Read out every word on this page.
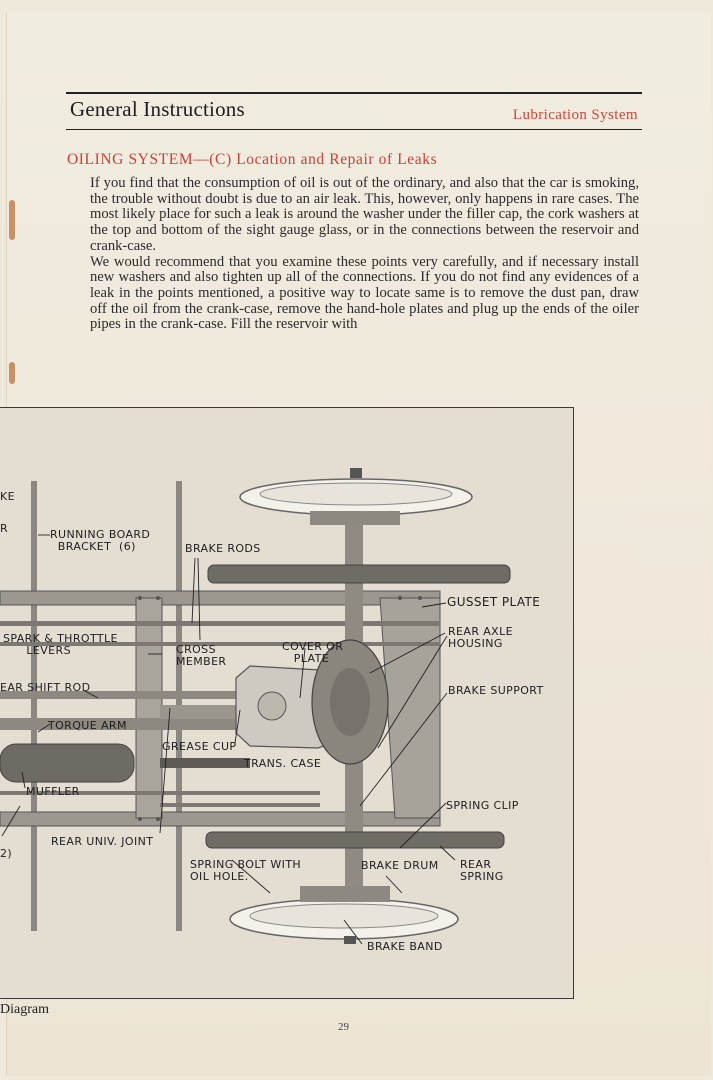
General Instructions	Lubrication System
OILING SYSTEM—(C) Location and Repair of Leaks

If you find that the consumption of oil is out of the ordinary, and also that the car is smoking, the trouble without doubt is due to an air leak. This, however, only happens in rare cases. The most likely place for such a leak is around the washer under the filler cap, the cork washers at the top and bottom of the sight gauge glass, or in the connections between the reservoir and crank-case.

We would recommend that you examine these points very carefully, and if necessary install new washers and also tighten up all of the connections. If you do not find any evidences of a leak in the points mentioned, a positive way to locate same is to remove the dust pan, draw off the oil from the crank-case, remove the hand-hole plates and plug up the ends of the oiler pipes in the crank-case. Fill the reservoir with

KE
R	RUNNING BOARD
BRACKET  (6)	BRAKE RODS
GUSSET PLATE
SPARK & THROTTLE
LEVERS	CROSS
MEMBER
COVER OR
PLATE
REAR AXLE
HOUSING
EAR SHIFT ROD	BRAKE SUPPORT
TORQUE ARM
GREASE CUP
TRANS. CASE
MUFFLER
SPRING CLIP
2)
REAR UNIV. JOINT
SPRING BOLT WITH
OIL HOLE.
BRAKE DRUM REAR
SPRING
BRAKE BAND
Diagram
29
